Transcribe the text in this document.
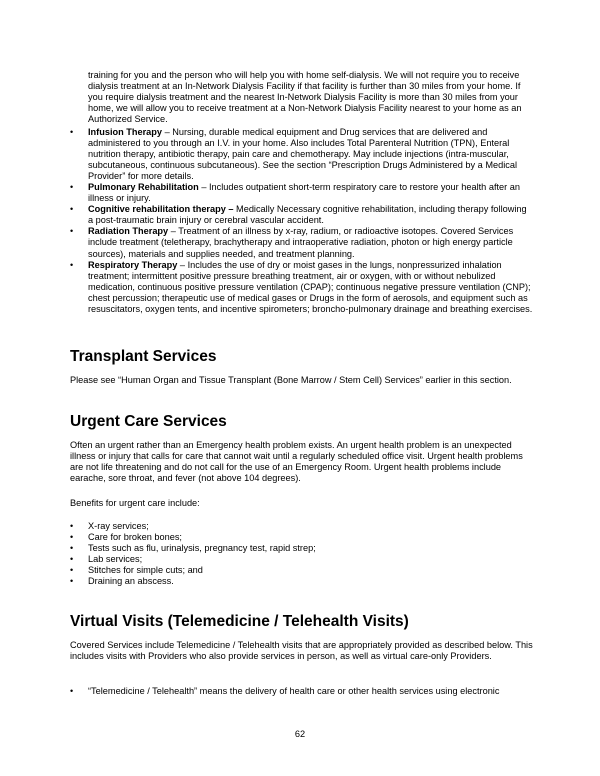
training for you and the person who will help you with home self-dialysis. We will not require you to receive dialysis treatment at an In-Network Dialysis Facility if that facility is further than 30 miles from your home. If you require dialysis treatment and the nearest In-Network Dialysis Facility is more than 30 miles from your home, we will allow you to receive treatment at a Non-Network Dialysis Facility nearest to your home as an Authorized Service.

•
Infusion Therapy – Nursing, durable medical equipment and Drug services that are delivered and administered to you through an I.V. in your home. Also includes Total Parenteral Nutrition (TPN), Enteral nutrition therapy, antibiotic therapy, pain care and chemotherapy. May include injections (intra-muscular, subcutaneous, continuous subcutaneous). See the section “Prescription Drugs Administered by a Medical Provider” for more details.
•
Pulmonary Rehabilitation – Includes outpatient short-term respiratory care to restore your health after an illness or injury.
•
Cognitive rehabilitation therapy – Medically Necessary cognitive rehabilitation, including therapy following a post-traumatic brain injury or cerebral vascular accident.
•
Radiation Therapy – Treatment of an illness by x-ray, radium, or radioactive isotopes. Covered Services include treatment (teletherapy, brachytherapy and intraoperative radiation, photon or high energy particle sources), materials and supplies needed, and treatment planning.
•
Respiratory Therapy – Includes the use of dry or moist gases in the lungs, nonpressurized inhalation treatment; intermittent positive pressure breathing treatment, air or oxygen, with or without nebulized medication, continuous positive pressure ventilation (CPAP); continuous negative pressure ventilation (CNP); chest percussion; therapeutic use of medical gases or Drugs in the form of aerosols, and equipment such as resuscitators, oxygen tents, and incentive spirometers; broncho-pulmonary drainage and breathing exercises.
Transplant Services

Please see “Human Organ and Tissue Transplant (Bone Marrow / Stem Cell) Services” earlier in this section.

Urgent Care Services

Often an urgent rather than an Emergency health problem exists. An urgent health problem is an unexpected illness or injury that calls for care that cannot wait until a regularly scheduled office visit. Urgent health problems are not life threatening and do not call for the use of an Emergency Room. Urgent health problems include earache, sore throat, and fever (not above 104 degrees).

Benefits for urgent care include:

•
X-ray services;
•
Care for broken bones;
•
Tests such as flu, urinalysis, pregnancy test, rapid strep;
•
Lab services;
•
Stitches for simple cuts; and
•
Draining an abscess.
Virtual Visits (Telemedicine / Telehealth Visits)

Covered Services include Telemedicine / Telehealth visits that are appropriately provided as described below. This includes visits with Providers who also provide services in person, as well as virtual care-only Providers.

•
“Telemedicine / Telehealth” means the delivery of health care or other health services using electronic
62
